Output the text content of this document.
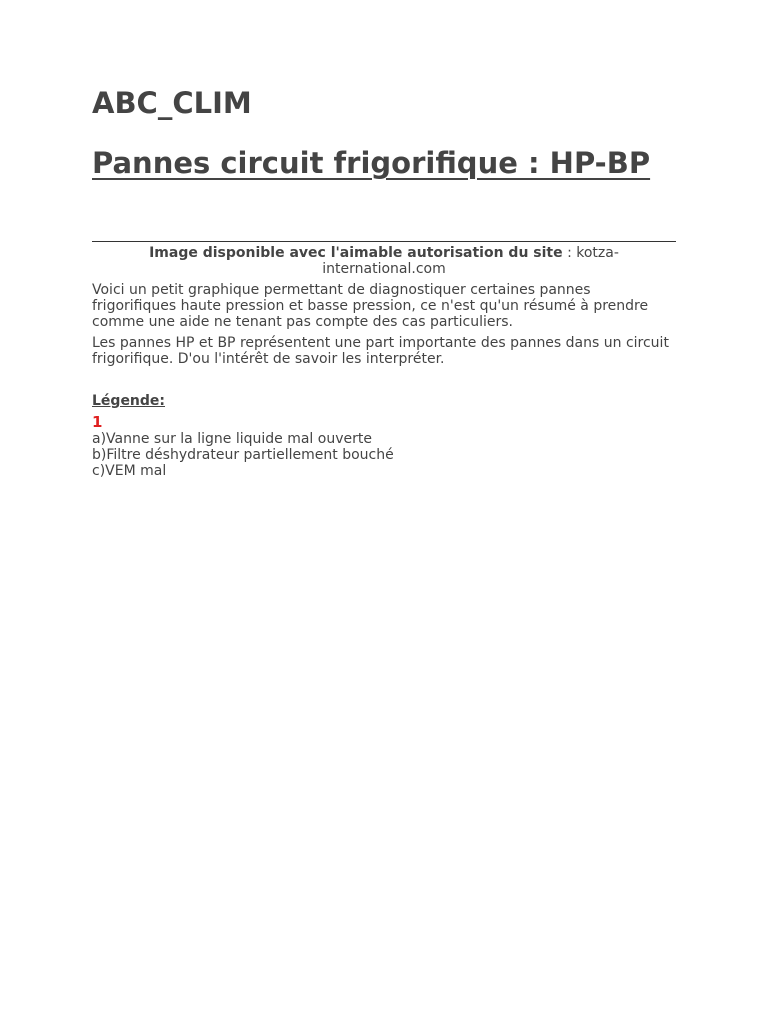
ABC_CLIM
Pannes circuit frigorifique : HP-BP
Image disponible avec l'aimable autorisation du site : kotza-international.com

Voici un petit graphique permettant de diagnostiquer certaines pannes frigorifiques haute pression et basse pression, ce n'est qu'un résumé à prendre comme une aide ne tenant pas compte des cas particuliers.

Les pannes HP et BP représentent une part importante des pannes dans un circuit frigorifique. D'ou l'intérêt de savoir les interpréter.

Légende:

1

a)Vanne sur la ligne liquide mal ouverte
b)Filtre déshydrateur partiellement bouché
c)VEM mal
